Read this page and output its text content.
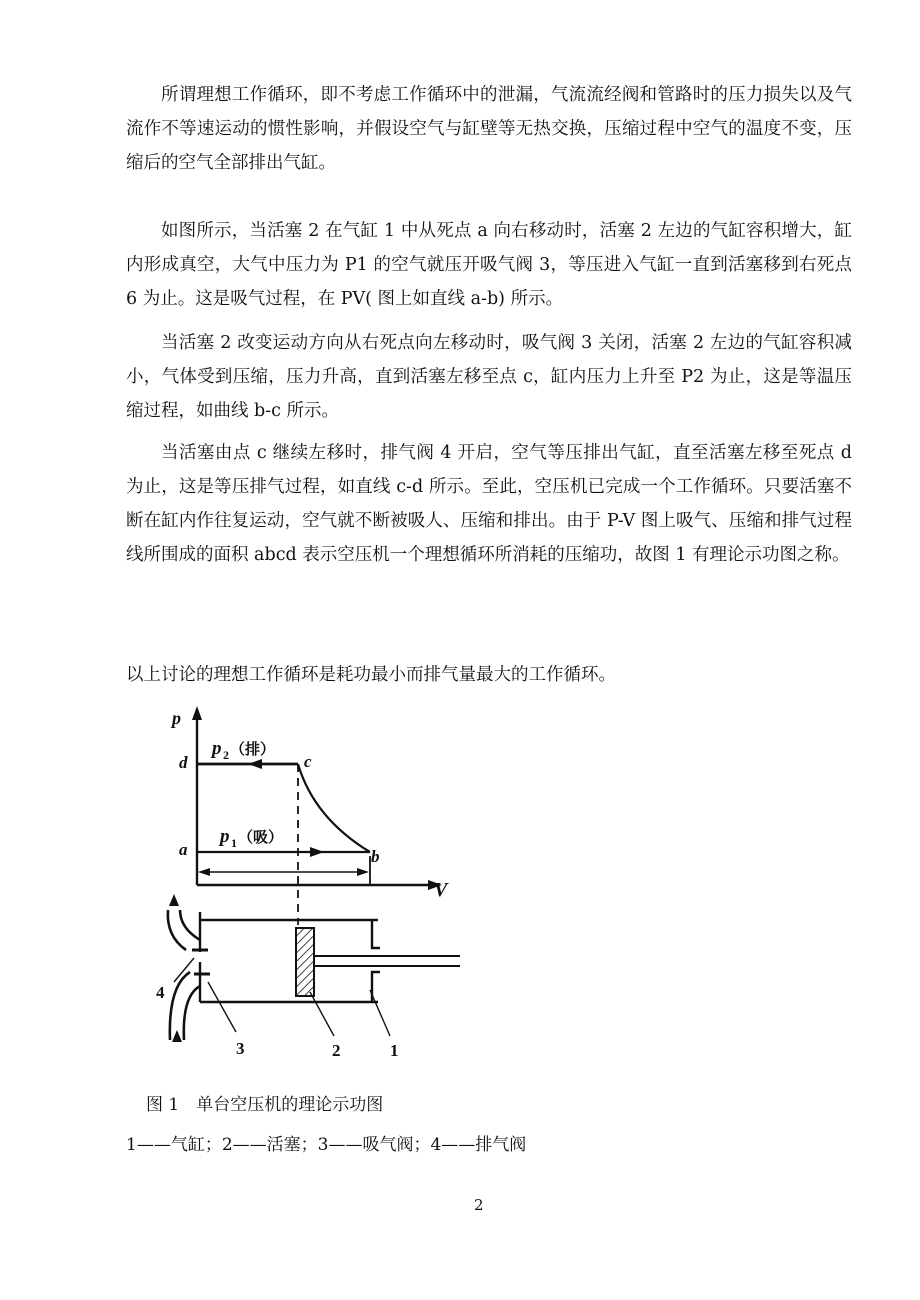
所谓理想工作循环，即不考虑工作循环中的泄漏，气流流经阀和管路时的压力损失以及气流作不等速运动的惯性影响，并假设空气与缸壁等无热交换，压缩过程中空气的温度不变，压缩后的空气全部排出气缸。

如图所示，当活塞 2 在气缸 1 中从死点 a 向右移动时，活塞 2 左边的气缸容积增大，缸内形成真空，大气中压力为 P1 的空气就压开吸气阀 3，等压进入气缸一直到活塞移到右死点 6 为止。这是吸气过程，在 PV( 图上如直线 a-b) 所示。

当活塞 2 改变运动方向从右死点向左移动时，吸气阀 3 关闭，活塞 2 左边的气缸容积减小，气体受到压缩，压力升高，直到活塞左移至点 c，缸内压力上升至 P2 为止，这是等温压缩过程，如曲线 b-c 所示。

当活塞由点 c 继续左移时，排气阀 4 开启，空气等压排出气缸，直至活塞左移至死点 d 为止，这是等压排气过程，如直线 c-d 所示。至此，空压机已完成一个工作循环。只要活塞不断在缸内作往复运动，空气就不断被吸人、压缩和排出。由于 P-V 图上吸气、压缩和排气过程线所围成的面积 abcd 表示空压机一个理想循环所消耗的压缩功，故图 1 有理论示功图之称。

以上讨论的理想工作循环是耗功最小而排气量最大的工作循环。

p
V
d
a
c
b
p 2
p 1
（排）
（吸）
4
3	2	1

图 1　单台空压机的理论示功图

1——气缸；2——活塞；3——吸气阀；4——排气阀

2
